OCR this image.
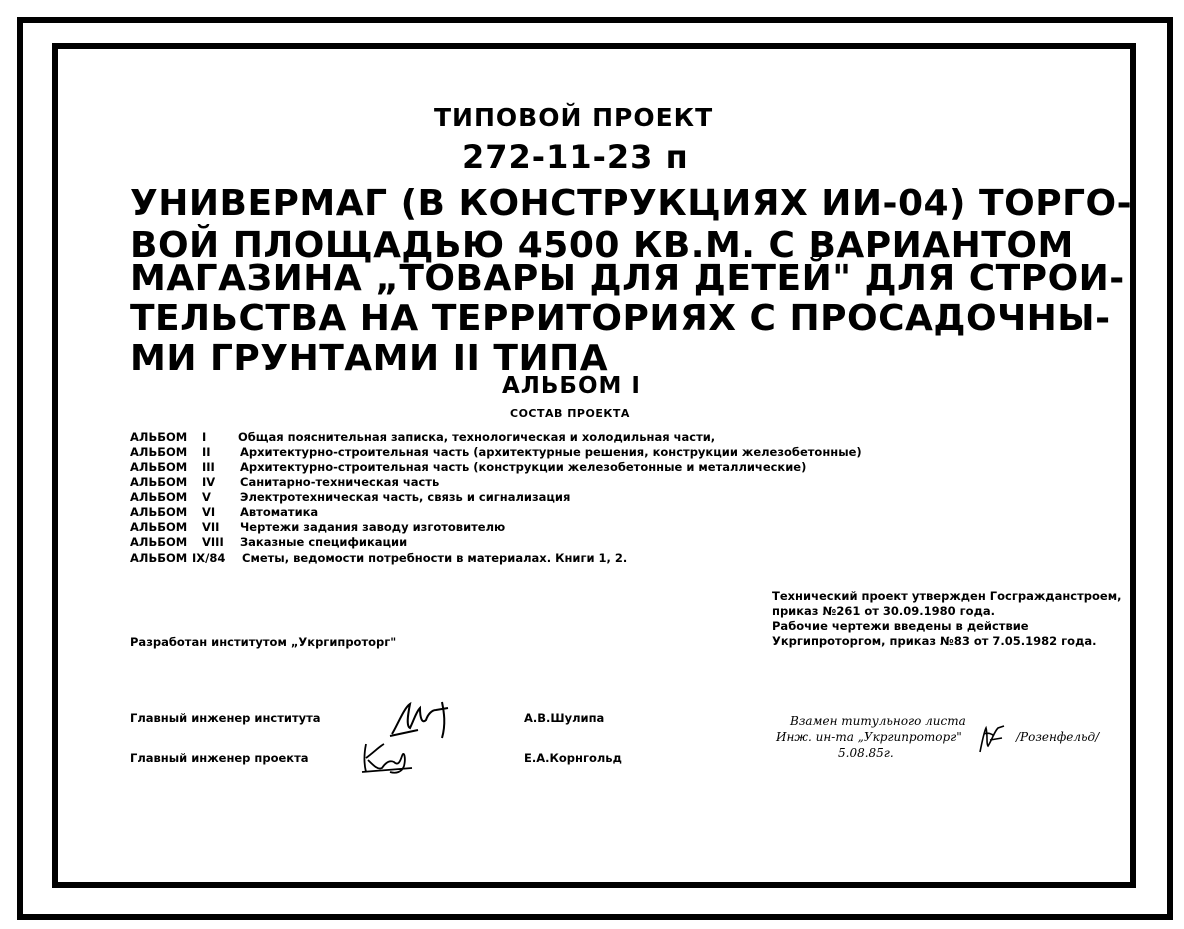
ТИПОВОЙ ПРОЕКТ
272-11-23 п
УНИВЕРМАГ (В КОНСТРУКЦИЯХ ИИ-04) ТОРГО-
ВОЙ ПЛОЩАДЬЮ 4500 КВ.М. С ВАРИАНТОМ
МАГАЗИНА „ТОВАРЫ ДЛЯ ДЕТЕЙ" ДЛЯ СТРОИ-
ТЕЛЬСТВА НА ТЕРРИТОРИЯХ С ПРОСАДОЧНЫ-
МИ ГРУНТАМИ II ТИПА
АЛЬБОМ I
СОСТАВ ПРОЕКТА
АЛЬБОМ I	Общая пояснительная записка, технологическая и холодильная части,
АЛЬБОМ II	Архитектурно-строительная часть (архитектурные решения, конструкции железобетонные)
АЛЬБОМ III Архитектурно-строительная часть (конструкции железобетонные и металлические)
АЛЬБОМ IV Санитарно-техническая часть
АЛЬБОМ V	Электротехническая часть, связь и сигнализация
АЛЬБОМ VI Автоматика
АЛЬБОМ VII Чертежи задания заводу изготовителю
АЛЬБОМ VIII Заказные спецификации
АЛЬБОМ IX/84 Сметы, ведомости потребности в материалах. Книги 1, 2.
Технический проект утвержден Госгражданстроем,
приказ №261 от 30.09.1980 года.
Рабочие чертежи введены в действие
Укргипроторгом, приказ №83 от 7.05.1982 года.
Разработан институтом „Укргипроторг"
Главный инженер института	А.В.Шулипа
Главный инженер проекта	Е.А.Корнгольд
Взамен титульного листа
Инж. ин-та „Укргипроторг"	/Розенфельд/
5.08.85г.
